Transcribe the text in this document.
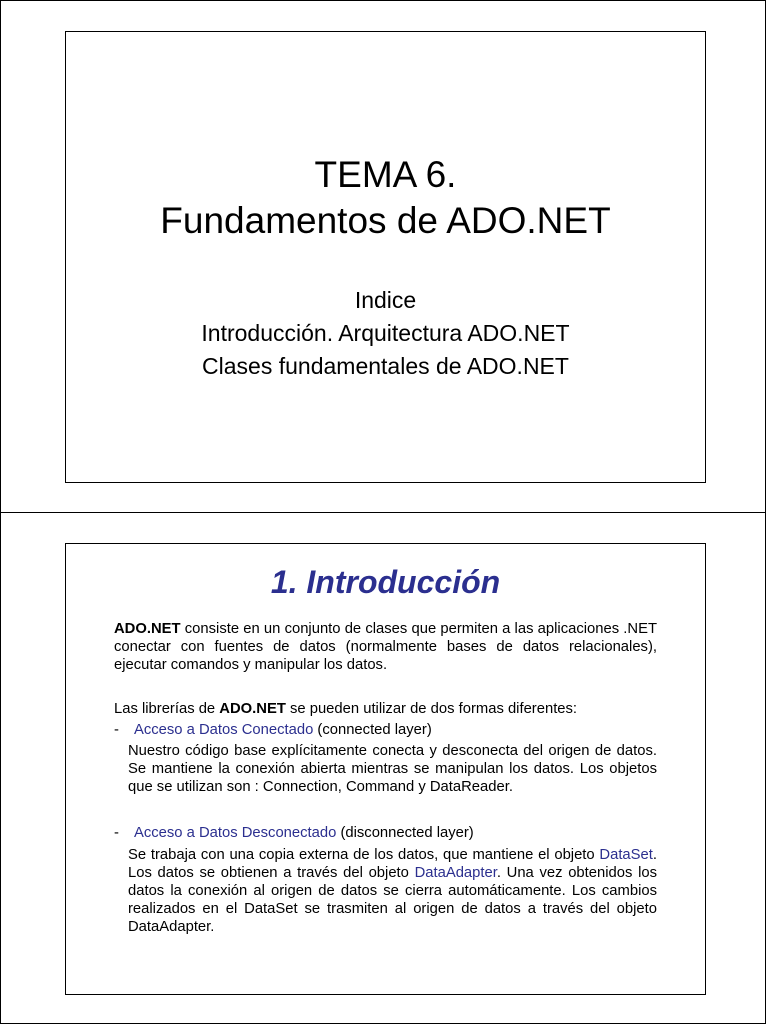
TEMA 6.
Fundamentos de ADO.NET
Indice
Introducción. Arquitectura ADO.NET
Clases fundamentales de ADO.NET
1. Introducción
ADO.NET consiste en un conjunto de clases que permiten a las aplicaciones .NET conectar con fuentes de datos (normalmente bases de datos relacionales), ejecutar comandos y manipular los datos.
Las librerías de ADO.NET se pueden utilizar de dos formas diferentes:
- Acceso a Datos Conectado (connected layer)
Nuestro código base explícitamente conecta y desconecta del origen de datos. Se mantiene la conexión abierta mientras se manipulan los datos. Los objetos que se utilizan son : Connection, Command y DataReader.
- Acceso a Datos Desconectado (disconnected layer)
Se trabaja con una copia externa de los datos, que mantiene el objeto DataSet. Los datos se obtienen a través del objeto DataAdapter. Una vez obtenidos los datos la conexión al origen de datos se cierra automáticamente. Los cambios realizados en el DataSet se trasmiten al origen de datos a través del objeto DataAdapter.
